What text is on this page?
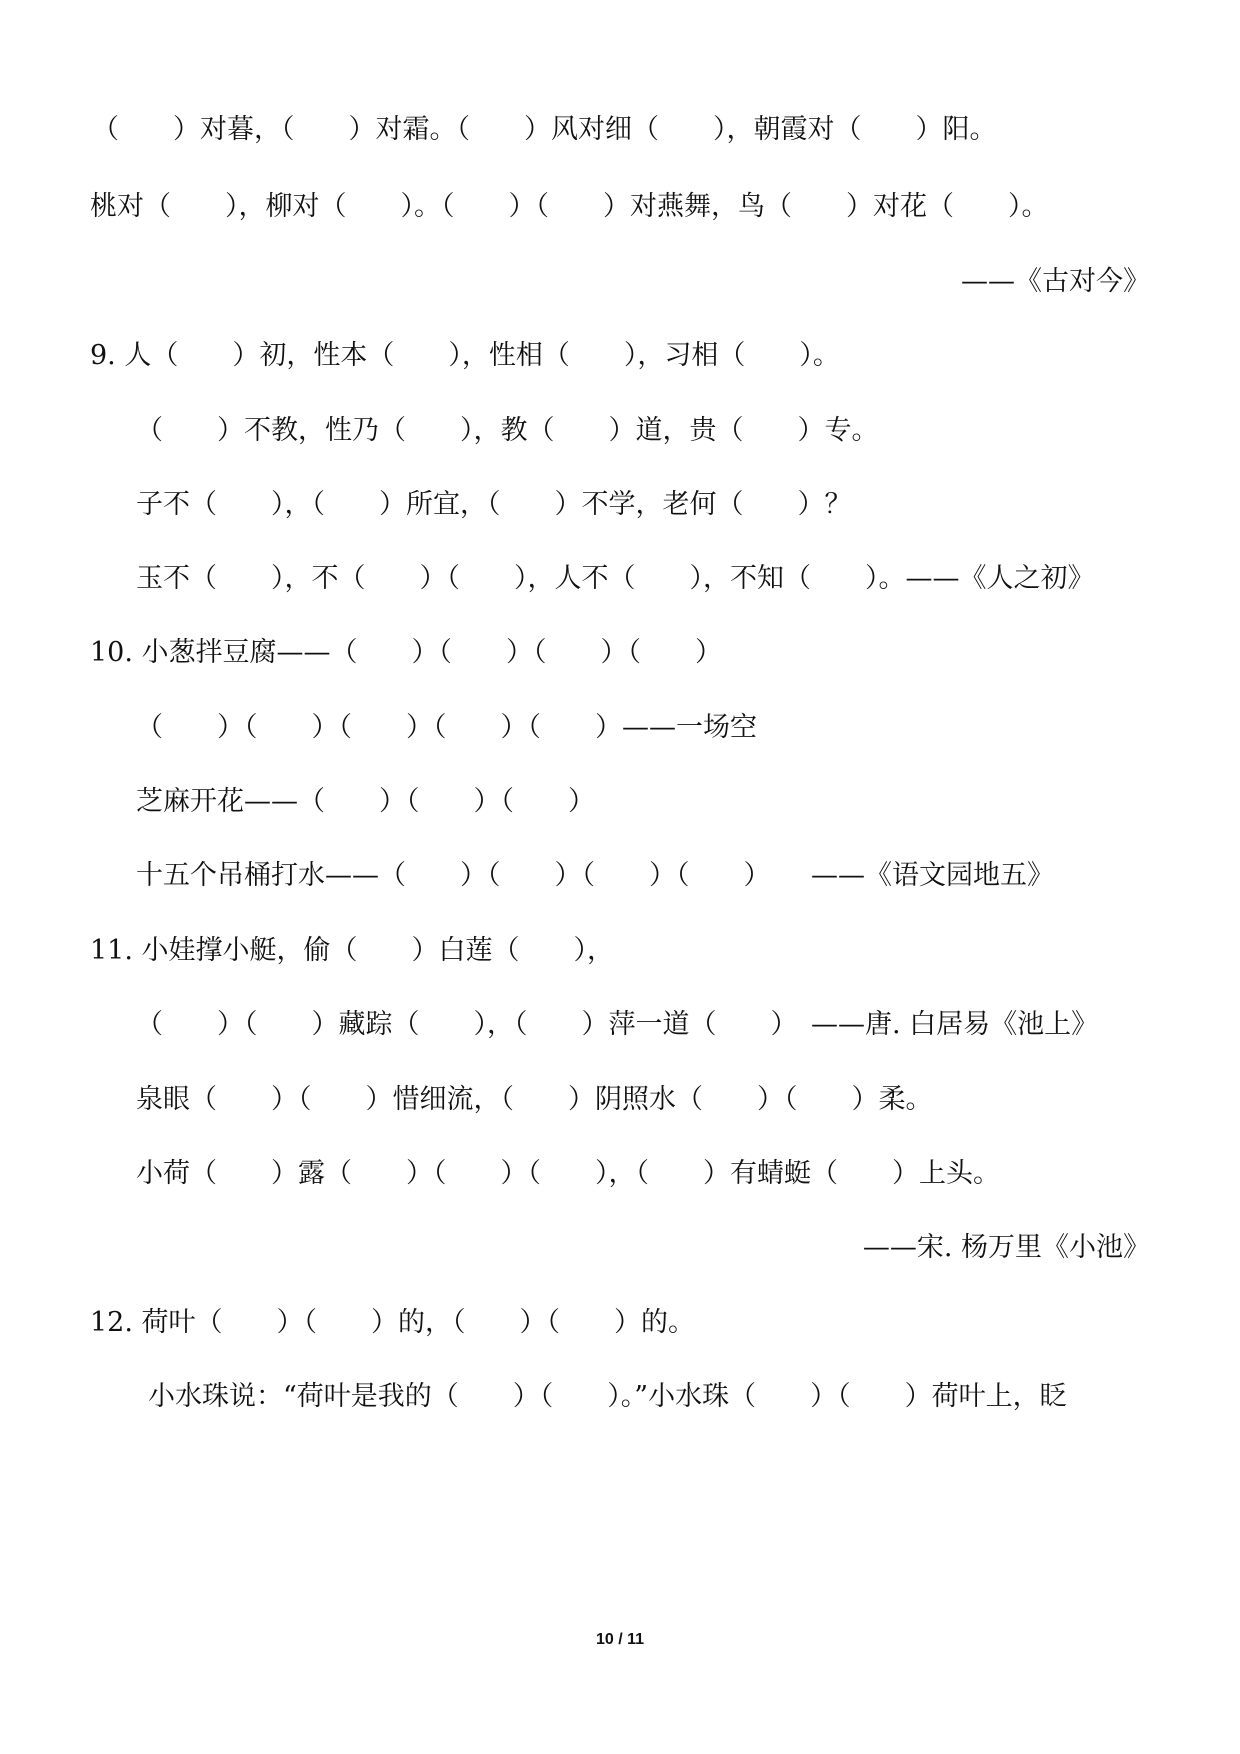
（　　）对暮，（　　）对霜。（　　）风对细（　　），朝霞对（　　）阳。

桃对（　　），柳对（　　）。（　　）（　　）对燕舞，鸟（　　）对花（　　）。

——《古对今》

9. 人（　　）初，性本（　　），性相（　　），习相（　　）。

（　　）不教，性乃（　　），教（　　）道，贵（　　）专。

子不（　　），（　　）所宜，（　　）不学，老何（　　）？

玉不（　　），不（　　）（　　），人不（　　），不知（　　）。——《人之初》

10. 小葱拌豆腐——（　　）（　　）（　　）（　　）

（　　）（　　）（　　）（　　）（　　）——一场空

芝麻开花——（　　）（　　）（　　）

十五个吊桶打水——（　　）（　　）（　　）（　　）　　——《语文园地五》

11. 小娃撑小艇，偷（　　）白莲（　　），

（　　）（　　）藏踪（　　），（　　）萍一道（　　）　——唐. 白居易《池上》

泉眼（　　）（　　）惜细流，（　　）阴照水（　　）（　　）柔。

小荷（　　）露（　　）（　　）（　　），（　　）有蜻蜓（　　）上头。

——宋. 杨万里《小池》

12. 荷叶（　　）（　　）的，（　　）（　　）的。

小水珠说：“荷叶是我的（　　）（　　）。”小水珠（　　）（　　）荷叶上，眨

10 / 11
